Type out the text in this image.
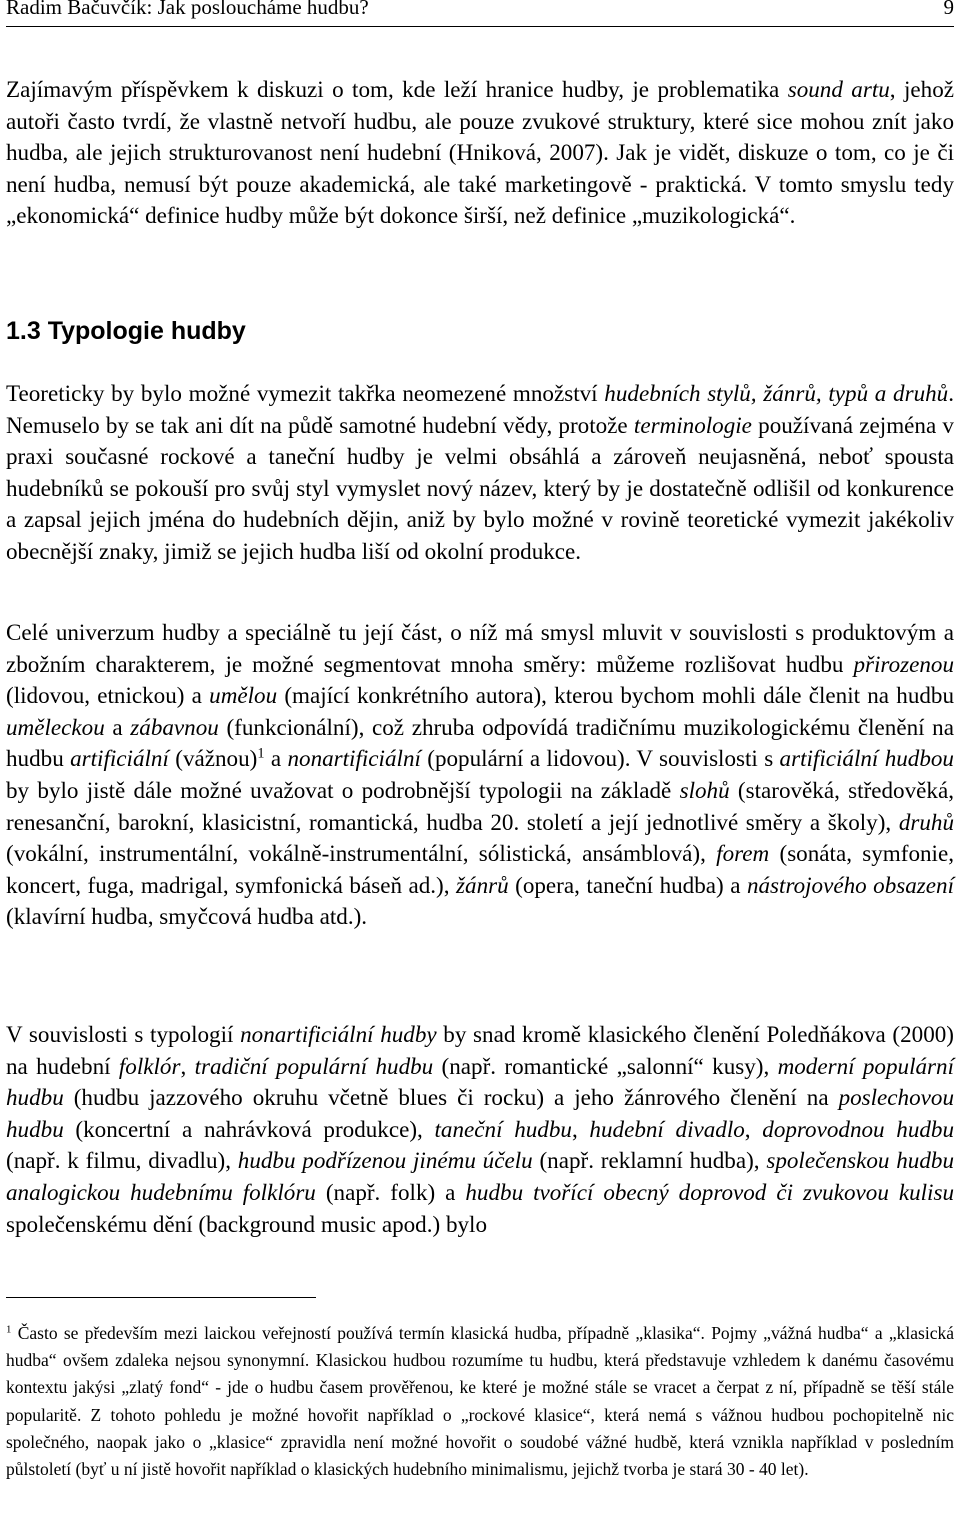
Radim Bačuvčík: Jak posloucháme hudbu?	9

Zajímavým příspěvkem k diskuzi o tom, kde leží hranice hudby, je problematika sound artu, jehož autoři často tvrdí, že vlastně netvoří hudbu, ale pouze zvukové struktury, které sice mohou znít jako hudba, ale jejich strukturovanost není hudební (Hniková, 2007). Jak je vidět, diskuze o tom, co je či není hudba, nemusí být pouze akademická, ale také marketingově - praktická. V tomto smyslu tedy „ekonomická“ definice hudby může být dokonce širší, než definice „muzikologická“.

1.3 Typologie hudby

Teoreticky by bylo možné vymezit takřka neomezené množství hudebních stylů, žánrů, typů a druhů. Nemuselo by se tak ani dít na půdě samotné hudební vědy, protože terminologie používaná zejména v praxi současné rockové a taneční hudby je velmi obsáhlá a zároveň neujasněná, neboť spousta hudebníků se pokouší pro svůj styl vymyslet nový název, který by je dostatečně odlišil od konkurence a zapsal jejich jména do hudebních dějin, aniž by bylo možné v rovině teoretické vymezit jakékoliv obecnější znaky, jimiž se jejich hudba liší od okolní produkce.

Celé univerzum hudby a speciálně tu její část, o níž má smysl mluvit v souvislosti s produktovým a zbožním charakterem, je možné segmentovat mnoha směry: můžeme rozlišovat hudbu přirozenou (lidovou, etnickou) a umělou (mající konkrétního autora), kterou bychom mohli dále členit na hudbu uměleckou a zábavnou (funkcionální), což zhruba odpovídá tradičnímu muzikologickému členění na hudbu artificiální (vážnou)$^1$ a nonartificiální (populární a lidovou). V souvislosti s artificiální hudbou by bylo jistě dále možné uvažovat o podrobnější typologii na základě slohů (starověká, středověká, renesanční, barokní, klasicistní, romantická, hudba 20. století a její jednotlivé směry a školy), druhů (vokální, instrumentální, vokálně-instrumentální, sólistická, ansámblová), forem (sonáta, symfonie, koncert, fuga, madrigal, symfonická báseň ad.), žánrů (opera, taneční hudba) a nástrojového obsazení (klavírní hudba, smyčcová hudba atd.).

V souvislosti s typologií nonartificiální hudby by snad kromě klasického členění Poledňákova (2000) na hudební folklór, tradiční populární hudbu (např. romantické „salonní“ kusy), moderní populární hudbu (hudbu jazzového okruhu včetně blues či rocku) a jeho žánrového členění na poslechovou hudbu (koncertní a nahrávková produkce), taneční hudbu, hudební divadlo, doprovodnou hudbu (např. k filmu, divadlu), hudbu podřízenou jinému účelu (např. reklamní hudba), společenskou hudbu analogickou hudebnímu folklóru (např. folk) a hudbu tvořící obecný doprovod či zvukovou kulisu společenskému dění (background music apod.) bylo

$^1$ Často se především mezi laickou veřejností používá termín klasická hudba, případně „klasika“. Pojmy „vážná hudba“ a „klasická hudba“ ovšem zdaleka nejsou synonymní. Klasickou hudbou rozumíme tu hudbu, která představuje vzhledem k danému časovému kontextu jakýsi „zlatý fond“ - jde o hudbu časem prověřenou, ke které je možné stále se vracet a čerpat z ní, případně se těší stále popularitě. Z tohoto pohledu je možné hovořit například o „rockové klasice“, která nemá s vážnou hudbou pochopitelně nic společného, naopak jako o „klasice“ zpravidla není možné hovořit o soudobé vážné hudbě, která vznikla například v posledním půlstoletí (byť u ní jistě hovořit například o klasických hudebního minimalismu, jejichž tvorba je stará 30 - 40 let).
